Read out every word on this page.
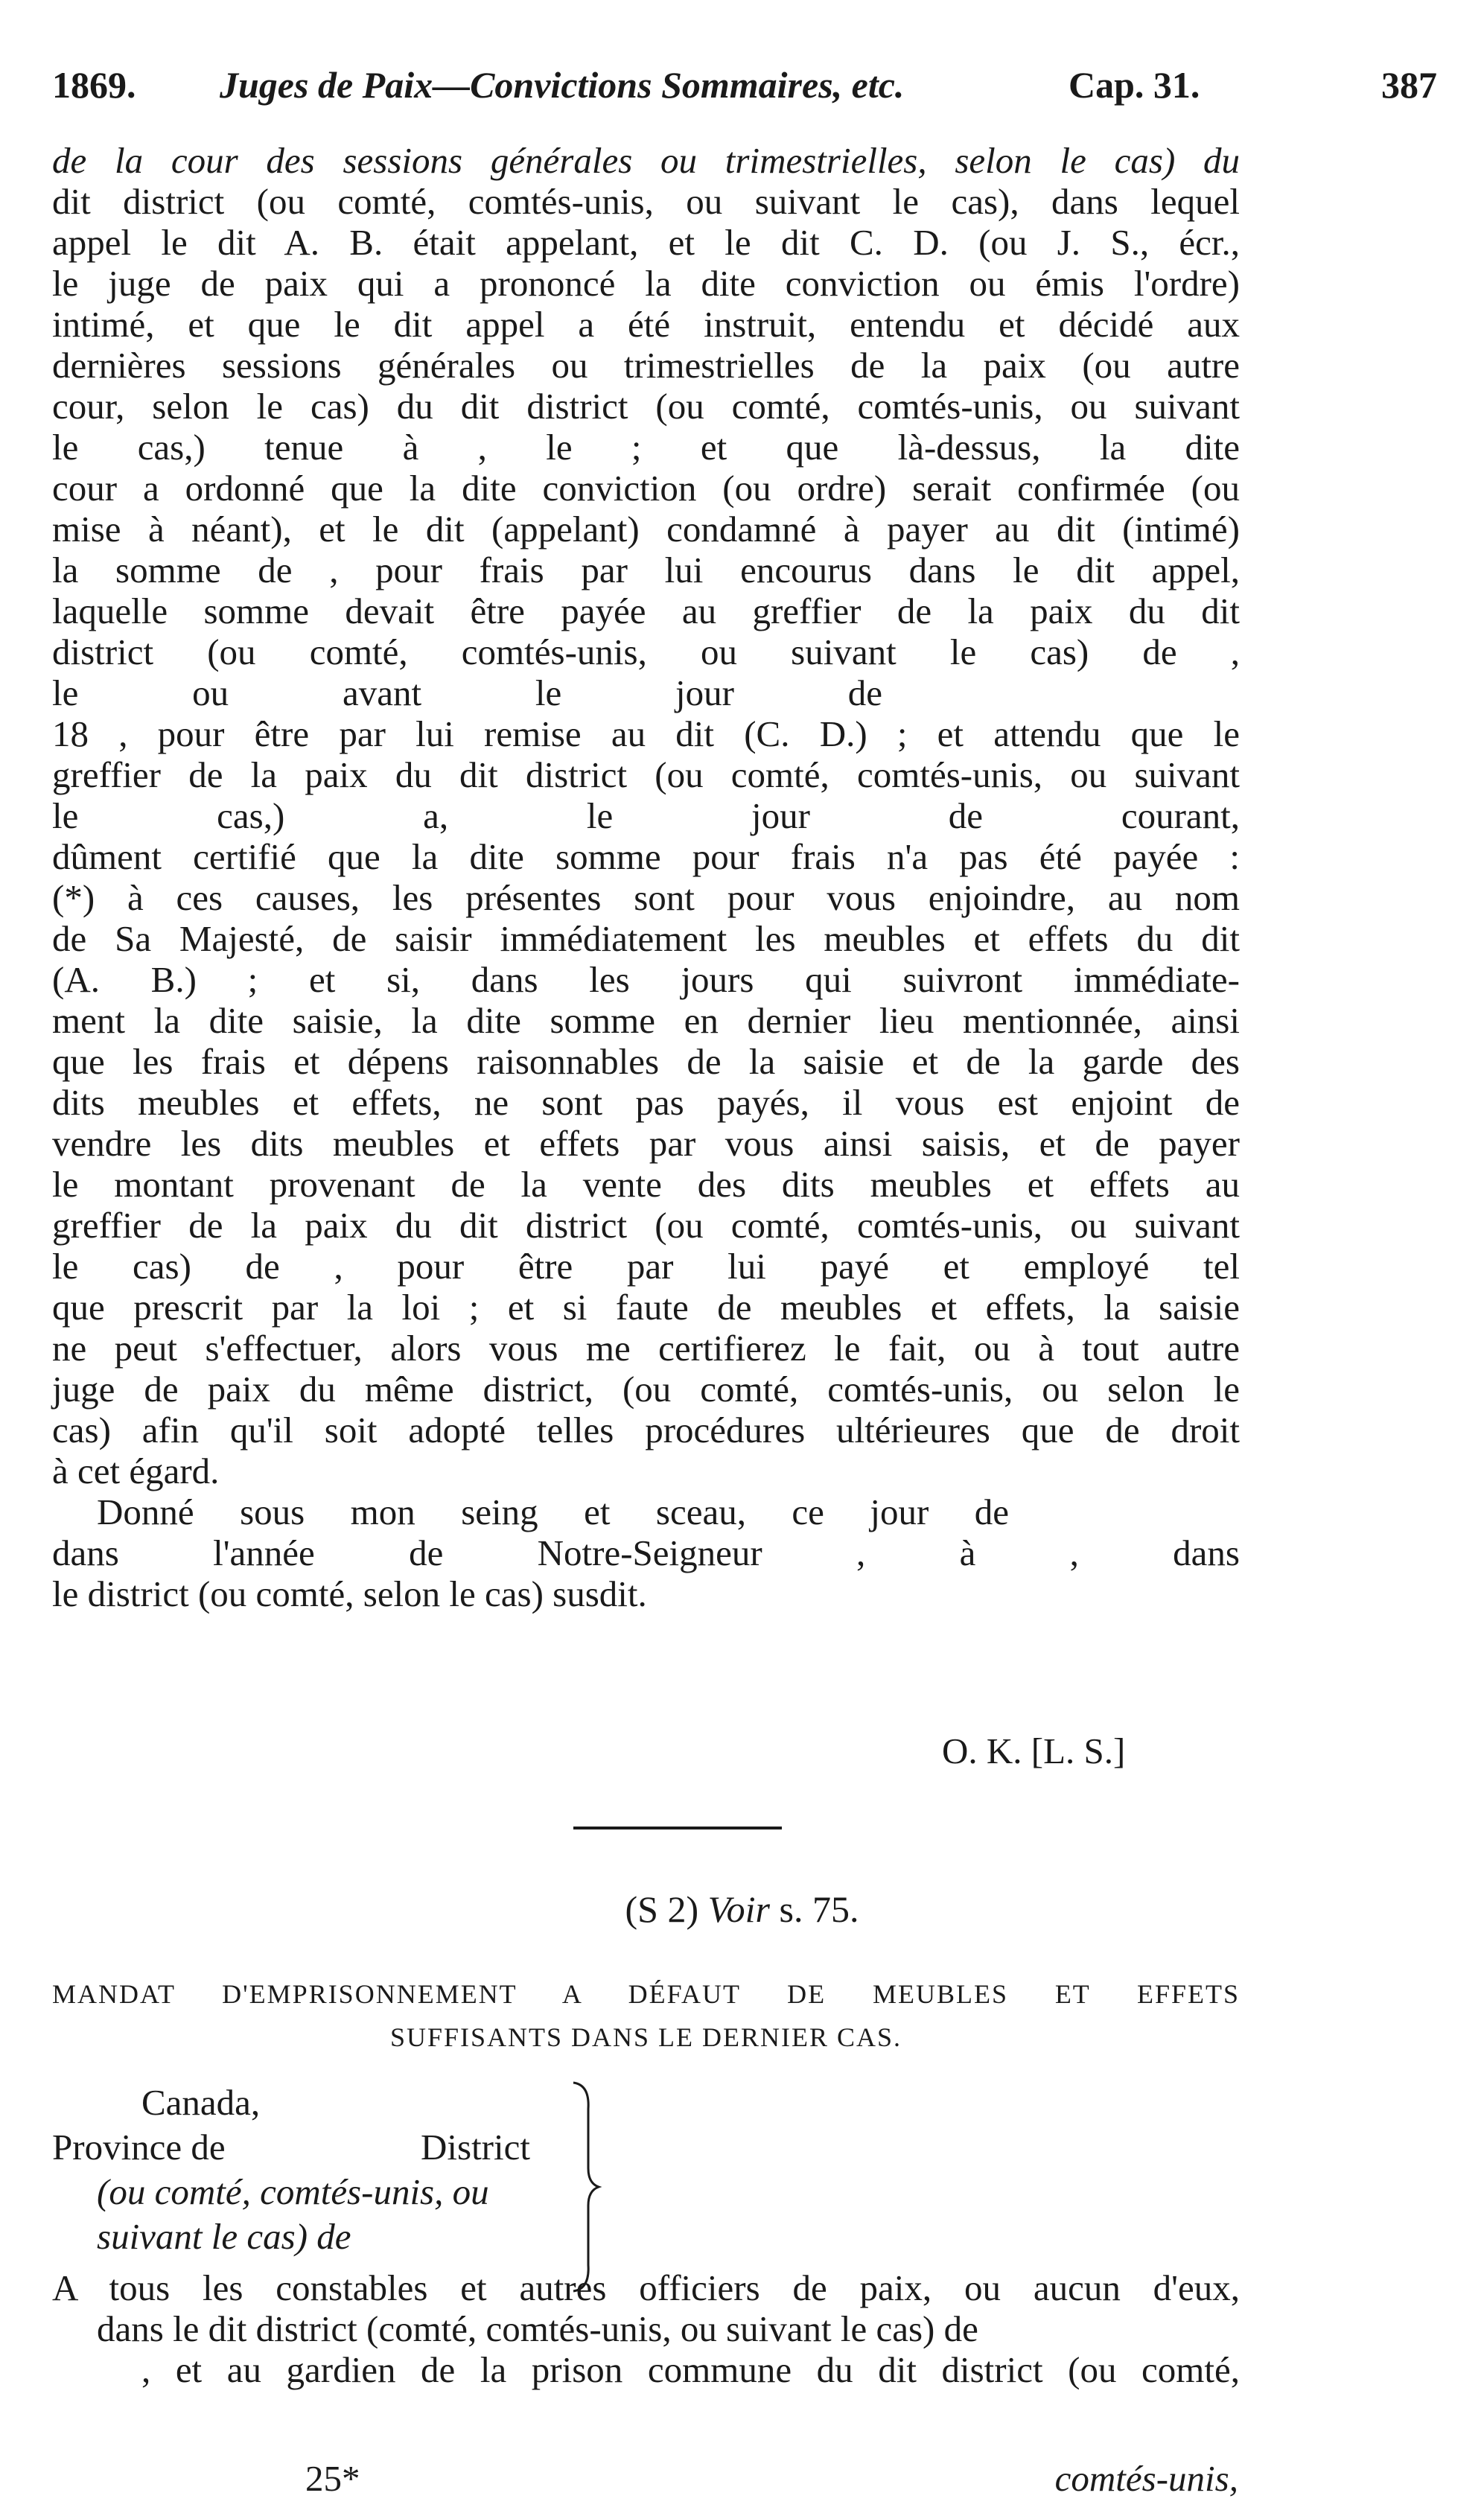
1869. Juges de Paix—Convictions Sommaires, etc.	Cap. 31.	387
de la cour des sessions générales ou trimestrielles, selon le cas) du
dit district (ou comté, comtés-unis, ou suivant le cas), dans lequel
appel le dit A. B. était appelant, et le dit C. D. (ou J. S., écr.,
le juge de paix qui a prononcé la dite conviction ou émis l'ordre)
intimé, et que le dit appel a été instruit, entendu et décidé aux
dernières sessions générales ou trimestrielles de la paix (ou autre
cour, selon le cas) du dit district (ou comté, comtés-unis, ou suivant
le cas,) tenue à , le ; et que là-dessus, la dite
cour a ordonné que la dite conviction (ou ordre) serait confirmée (ou
mise à néant), et le dit (appelant) condamné à payer au dit (intimé)
la somme de , pour frais par lui encourus dans le dit appel,
laquelle somme devait être payée au greffier de la paix du dit
district (ou comté, comtés-unis, ou suivant le cas) de ,
le ou avant le jour de
18 , pour être par lui remise au dit (C. D.) ; et attendu que le
greffier de la paix du dit district (ou comté, comtés-unis, ou suivant
le cas,) a, le jour de courant,
dûment certifié que la dite somme pour frais n'a pas été payée :
(*) à ces causes, les présentes sont pour vous enjoindre, au nom
de Sa Majesté, de saisir immédiatement les meubles et effets du dit
(A. B.) ; et si, dans les jours qui suivront immédiate-
ment la dite saisie, la dite somme en dernier lieu mentionnée, ainsi
que les frais et dépens raisonnables de la saisie et de la garde des
dits meubles et effets, ne sont pas payés, il vous est enjoint de
vendre les dits meubles et effets par vous ainsi saisis, et de payer
le montant provenant de la vente des dits meubles et effets au
greffier de la paix du dit district (ou comté, comtés-unis, ou suivant
le cas) de , pour être par lui payé et employé tel
que prescrit par la loi ; et si faute de meubles et effets, la saisie
ne peut s'effectuer, alors vous me certifierez le fait, ou à tout autre
juge de paix du même district, (ou comté, comtés-unis, ou selon le
cas) afin qu'il soit adopté telles procédures ultérieures que de droit
à cet égard.
Donné sous mon seing et sceau, ce jour de
dans l'année de Notre-Seigneur , à , dans
le district (ou comté, selon le cas) susdit.
O. K. [L. S.]
(S 2) Voir s. 75.
MANDAT D'EMPRISONNEMENT A DÉFAUT DE MEUBLES ET EFFETS
SUFFISANTS DANS LE DERNIER CAS.
Canada,
Province de	District
(ou comté, comtés-unis, ou
suivant le cas) de
A tous les constables et autres officiers de paix, ou aucun d'eux,
dans le dit district (comté, comtés-unis, ou suivant le cas) de
, et au gardien de la prison commune du dit district (ou comté,
25*	comtés-unis,
